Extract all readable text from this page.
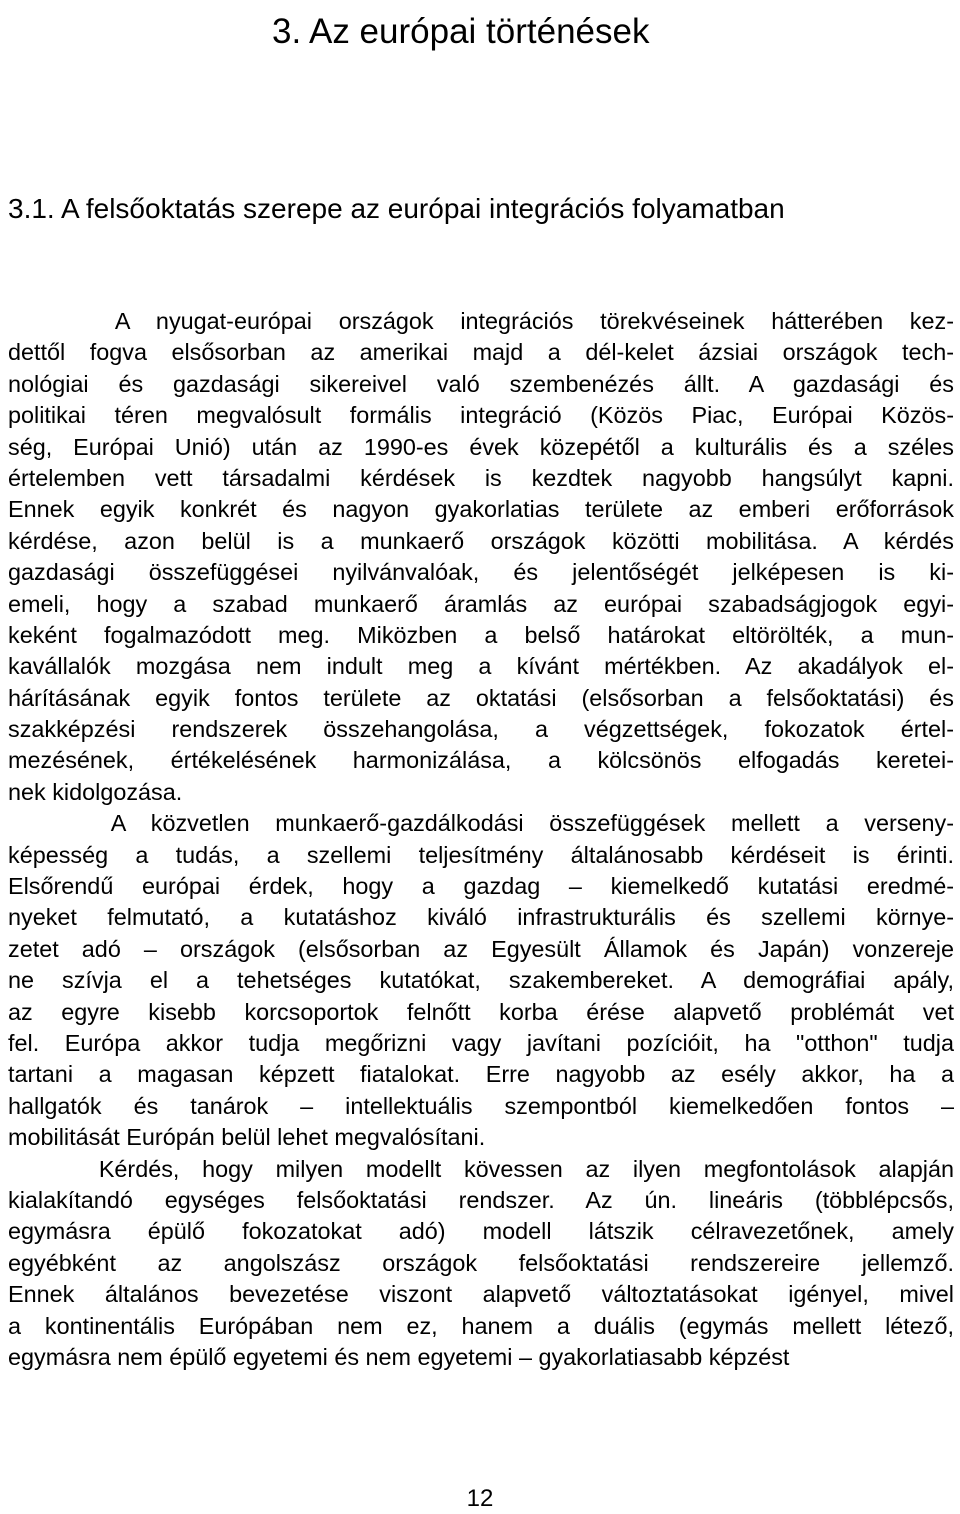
3. Az európai történések
3.1. A felsőoktatás szerepe az európai integrációs folyamatban
A nyugat-európai országok integrációs törekvéseinek hátterében kez-
dettől fogva elsősorban az amerikai majd a dél-kelet ázsiai országok tech-
nológiai és gazdasági sikereivel való szembenézés állt. A gazdasági és
politikai téren megvalósult formális integráció (Közös Piac, Európai Közös-
ség, Európai Unió) után az 1990-es évek közepétől a kulturális és a széles
értelemben vett társadalmi kérdések is kezdtek nagyobb hangsúlyt kapni.
Ennek egyik konkrét és nagyon gyakorlatias területe az emberi erőforrások
kérdése, azon belül is a munkaerő országok közötti mobilitása. A kérdés
gazdasági összefüggései nyilvánvalóak, és jelentőségét jelképesen is ki-
emeli, hogy a szabad munkaerő áramlás az európai szabadságjogok egyi-
keként fogalmazódott meg. Miközben a belső határokat eltörölték, a mun-
kavállalók mozgása nem indult meg a kívánt mértékben. Az akadályok el-
hárításának egyik fontos területe az oktatási (elsősorban a felsőoktatási) és
szakképzési rendszerek összehangolása, a végzettségek, fokozatok értel-
mezésének, értékelésének harmonizálása, a kölcsönös elfogadás keretei-
nek kidolgozása.
A közvetlen munkaerő-gazdálkodási összefüggések mellett a verseny-
képesség a tudás, a szellemi teljesítmény általánosabb kérdéseit is érinti.
Elsőrendű európai érdek, hogy a gazdag – kiemelkedő kutatási eredmé-
nyeket felmutató, a kutatáshoz kiváló infrastrukturális és szellemi környe-
zetet adó – országok (elsősorban az Egyesült Államok és Japán) vonzereje
ne szívja el a tehetséges kutatókat, szakembereket. A demográfiai apály,
az egyre kisebb korcsoportok felnőtt korba érése alapvető problémát vet
fel. Európa akkor tudja megőrizni vagy javítani pozícióit, ha "otthon" tudja
tartani a magasan képzett fiatalokat. Erre nagyobb az esély akkor, ha a
hallgatók és tanárok – intellektuális szempontból kiemelkedően fontos –
mobilitását Európán belül lehet megvalósítani.
Kérdés, hogy milyen modellt kövessen az ilyen megfontolások alapján
kialakítandó egységes felsőoktatási rendszer. Az ún. lineáris (többlépcsős,
egymásra épülő fokozatokat adó) modell látszik célravezetőnek, amely
egyébként az angolszász országok felsőoktatási rendszereire jellemző.
Ennek általános bevezetése viszont alapvető változtatásokat igényel, mivel
a kontinentális Európában nem ez, hanem a duális (egymás mellett létező,
egymásra nem épülő egyetemi és nem egyetemi – gyakorlatiasabb képzést
12
